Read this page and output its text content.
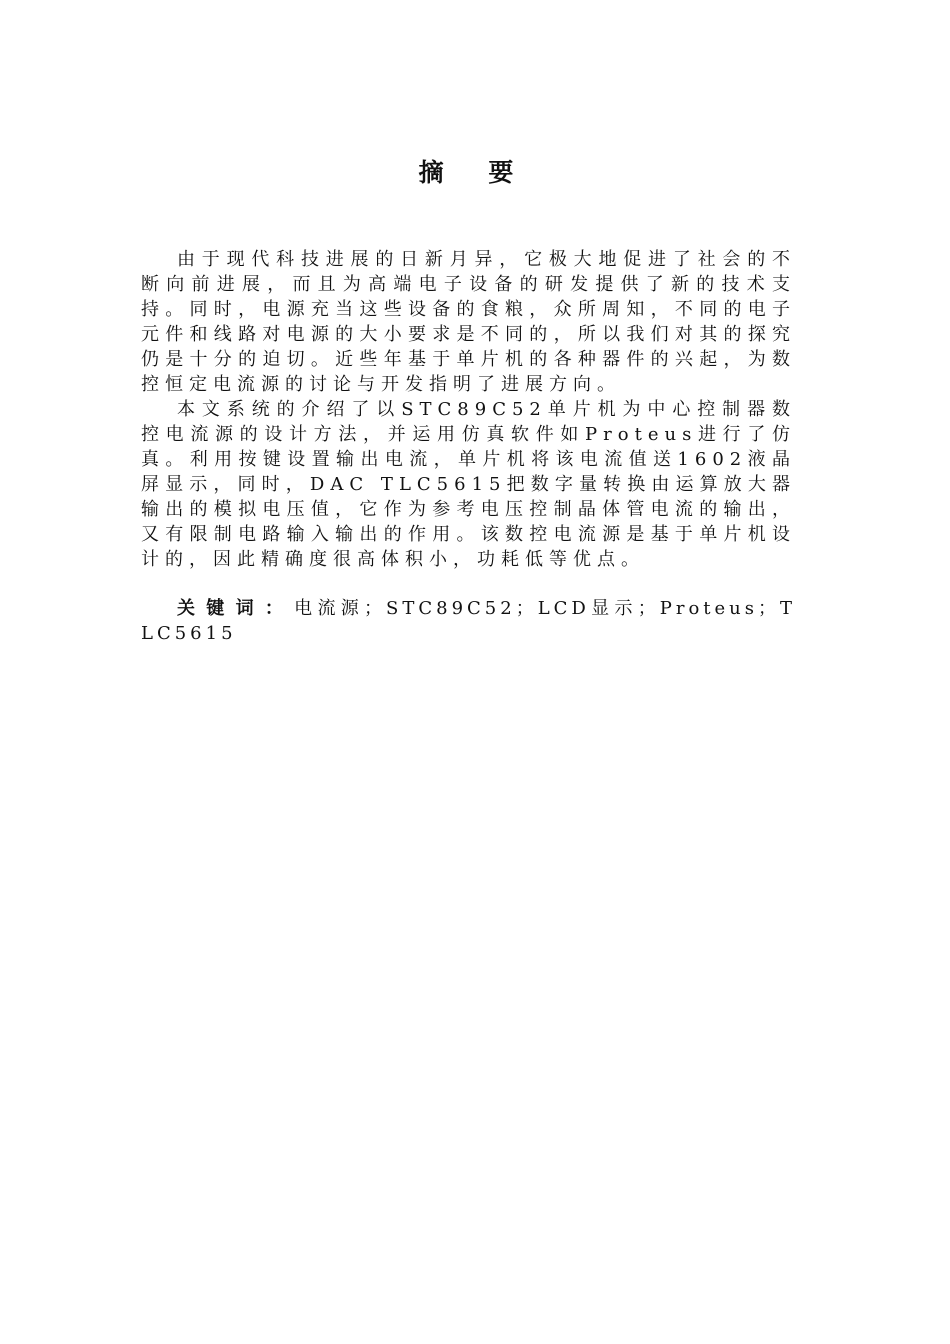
摘 要

由于现代科技进展的日新月异，它极大地促进了社会的不断向前进展，而且为高端电子设备的研发提供了新的技术支持。同时，电源充当这些设备的食粮，众所周知，不同的电子元件和线路对电源的大小要求是不同的，所以我们对其的探究仍是十分的迫切。近些年基于单片机的各种器件的兴起，为数控恒定电流源的讨论与开发指明了进展方向。

本文系统的介绍了以STC89C52单片机为中心控制器数控电流源的设计方法，并运用仿真软件如Proteus进行了仿真。利用按键设置输出电流，单片机将该电流值送1602液晶屏显示，同时，DAC TLC5615把数字量转换由运算放大器输出的模拟电压值，它作为参考电压控制晶体管电流的输出，又有限制电路输入输出的作用。该数控电流源是基于单片机设计的，因此精确度很高体积小，功耗低等优点。

关键词：电流源；STC89C52；LCD显示；Proteus；TLC5615
